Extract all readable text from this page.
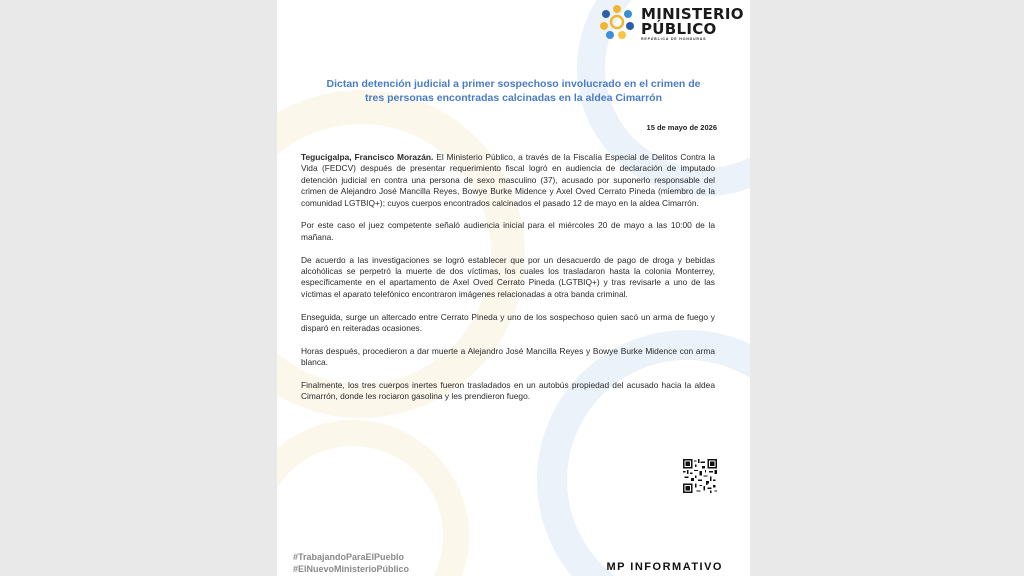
MINISTERIO
PÚBLICO
REPÚBLICA DE HONDURAS
Dictan detención judicial a primer sospechoso involucrado en el crimen de tres personas encontradas calcinadas en la aldea Cimarrón
15 de mayo de 2026

Tegucigalpa, Francisco Morazán. El Ministerio Público, a través de la Fiscalía Especial de Delitos Contra la Vida (FEDCV) después de presentar requerimiento fiscal logró en audiencia de declaración de imputado detención judicial en contra una persona de sexo masculino (37), acusado por suponerlo responsable del crimen de Alejandro José Mancilla Reyes, Bowye Burke Midence y Axel Oved Cerrato Pineda (miembro de la comunidad LGTBIQ+); cuyos cuerpos encontrados calcinados el pasado 12 de mayo en la aldea Cimarrón.

Por este caso el juez competente señaló audiencia inicial para el miércoles 20 de mayo a las 10:00 de la mañana.

De acuerdo a las investigaciones se logró establecer que por un desacuerdo de pago de droga y bebidas alcohólicas se perpetró la muerte de dos víctimas, los cuales los trasladaron hasta la colonia Monterrey, específicamente en el apartamento de Axel Oved Cerrato Pineda (LGTBIQ+) y tras revisarle a uno de las víctimas el aparato telefónico encontraron imágenes relacionadas a otra banda criminal.

Enseguida, surge un altercado entre Cerrato Pineda y uno de los sospechoso quien sacó un arma de fuego y disparó en reiteradas ocasiones.

Horas después, procedieron a dar muerte a Alejandro José Mancilla Reyes y Bowye Burke Midence con arma blanca.

Finalmente, los tres cuerpos inertes fueron trasladados en un autobús propiedad del acusado hacia la aldea Cimarrón, donde les rociaron gasolina y les prendieron fuego.

#TrabajandoParaElPueblo
#ElNuevoMinisterioPúblico	MP INFORMATIVO
